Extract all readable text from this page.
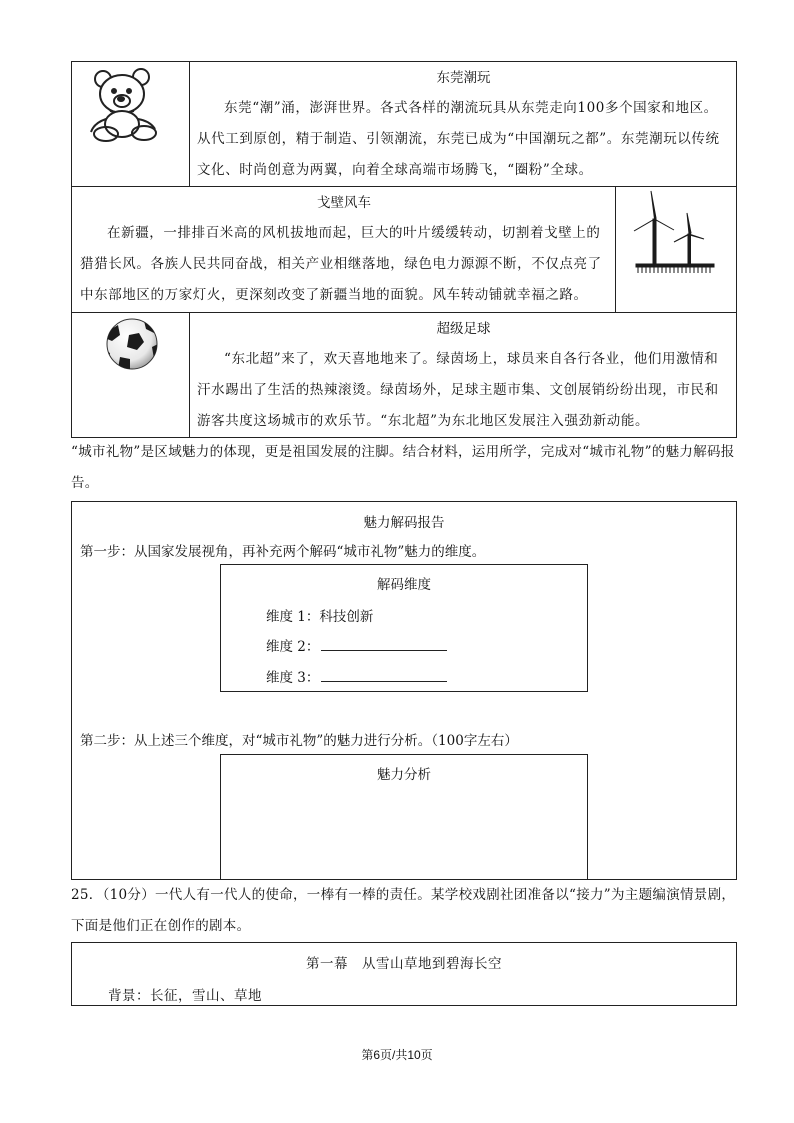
东莞潮玩
东莞“潮”涌，澎湃世界。各式各样的潮流玩具从东莞走向100多个国家和地区。从代工到原创，精于制造、引领潮流，东莞已成为“中国潮玩之都”。东莞潮玩以传统文化、时尚创意为两翼，向着全球高端市场腾飞，“圈粉”全球。
戈壁风车
在新疆，一排排百米高的风机拔地而起，巨大的叶片缓缓转动，切割着戈壁上的猎猎长风。各族人民共同奋战，相关产业相继落地，绿色电力源源不断，不仅点亮了中东部地区的万家灯火，更深刻改变了新疆当地的面貌。风车转动铺就幸福之路。
超级足球
“东北超”来了，欢天喜地地来了。绿茵场上，球员来自各行各业，他们用激情和汗水踢出了生活的热辣滚烫。绿茵场外，足球主题市集、文创展销纷纷出现，市民和游客共度这场城市的欢乐节。“东北超”为东北地区发展注入强劲新动能。
“城市礼物”是区域魅力的体现，更是祖国发展的注脚。结合材料，运用所学，完成对“城市礼物”的魅力解码报告。
魅力解码报告
第一步：从国家发展视角，再补充两个解码“城市礼物”魅力的维度。
解码维度
维度 1：科技创新
维度 2：
维度 3：
第二步：从上述三个维度，对“城市礼物”的魅力进行分析。（100字左右）
魅力分析
25．（10分）一代人有一代人的使命，一棒有一棒的责任。某学校戏剧社团准备以“接力”为主题编演情景剧，下面是他们正在创作的剧本。
第一幕　从雪山草地到碧海长空
背景：长征，雪山、草地
第6页/共10页
